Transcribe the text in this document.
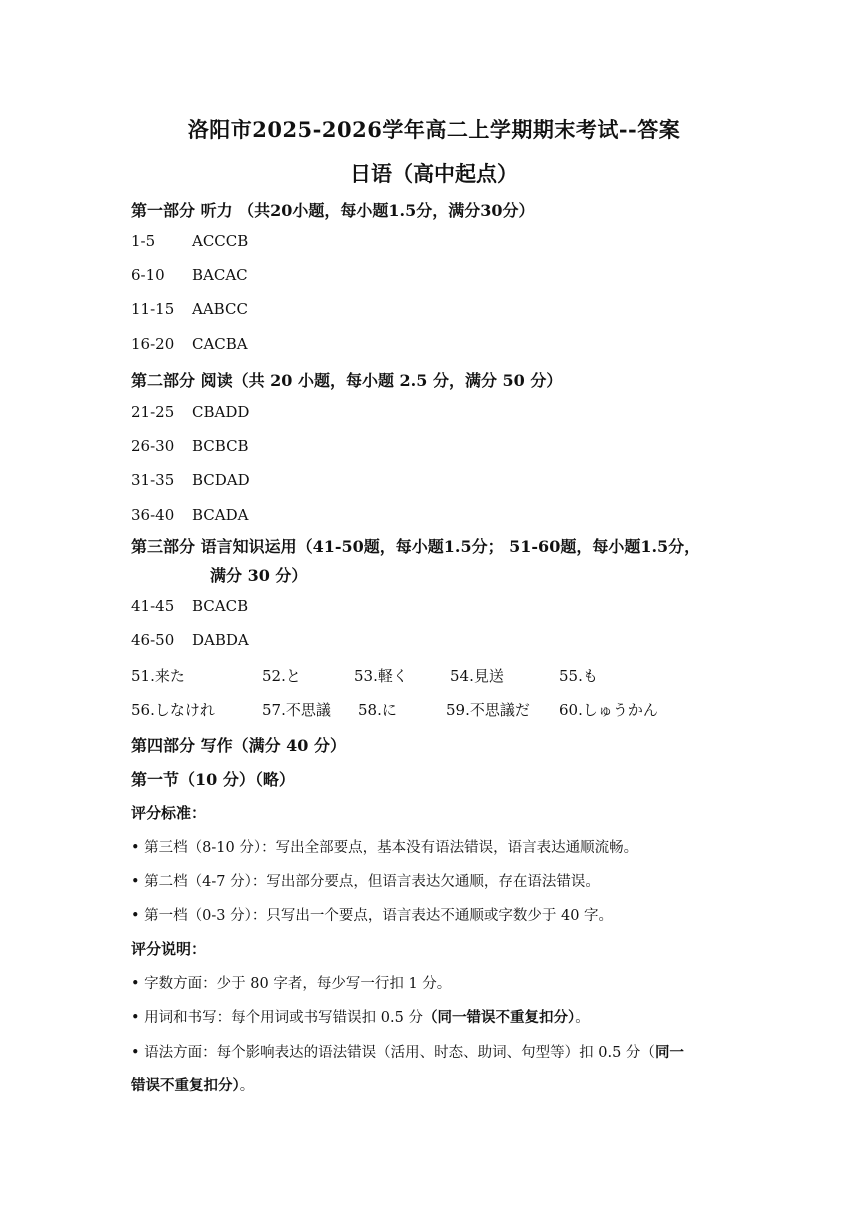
洛阳市2025-2026学年高二上学期期末考试--答案
日语（高中起点）
第一部分 听力 （共20小题，每小题1.5分，满分30分）
1-5 ACCCB
6-10 BACAC
11-15 AABCC
16-20 CACBA
第二部分 阅读（共 20 小题，每小题 2.5 分，满分 50 分）
21-25 CBADD
26-30 BCBCB
31-35 BCDAD
36-40 BCADA
第三部分 语言知识运用（41-50题，每小题1.5分； 51-60题，每小题1.5分，
满分 30 分）
41-45 BCACB
46-50 DABDA
51.来た	52.と	53.軽く	54.見送	55.も
56.しなけれ	57.不思議 58.に	59.不思議だ 60.しゅうかん
第四部分 写作（满分 40 分）
第一节（10 分）（略）
评分标准：
• 第三档（8-10 分）：写出全部要点，基本没有语法错误，语言表达通顺流畅。
• 第二档（4-7 分）：写出部分要点，但语言表达欠通顺，存在语法错误。
• 第一档（0-3 分）：只写出一个要点，语言表达不通顺或字数少于 40 字。
评分说明：
• 字数方面：少于 80 字者，每少写一行扣 1 分。
• 用词和书写：每个用词或书写错误扣 0.5 分（同一错误不重复扣分）。
• 语法方面：每个影响表达的语法错误（活用、时态、助词、句型等）扣 0.5 分（同一
错误不重复扣分）。
